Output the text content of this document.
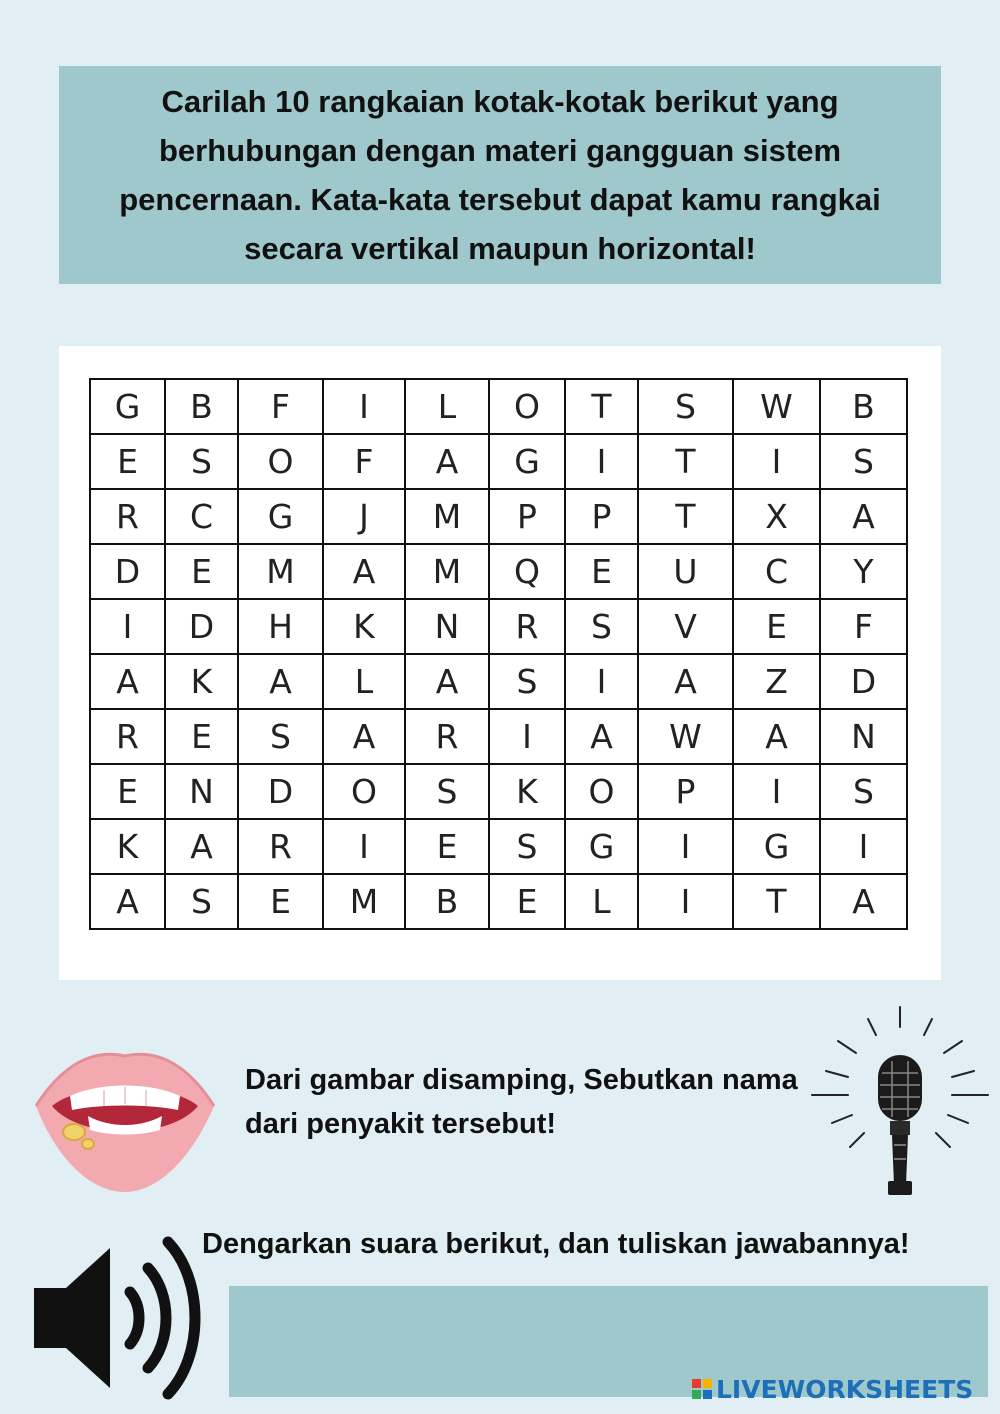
Carilah 10 rangkaian kotak-kotak berikut yang berhubungan dengan materi gangguan sistem pencernaan. Kata-kata tersebut dapat kamu rangkai secara vertikal maupun horizontal!

G	B	F	I	L	O	T	S	W	B
E	S	O	F	A	G	I	T	I	S
R	C	G	J	M	P	P	T	X	A
D	E	M	A	M	Q	E	U	C	Y
I	D	H	K	N	R	S	V	E	F
A	K	A	L	A	S	I	A	Z	D
R	E	S	A	R	I	A	W	A	N
E	N	D	O	S	K	O	P	I	S
K	A	R	I	E	S	G	I	G	I
A	S	E	M	B	E	L	I	T	A
Dari gambar disamping, Sebutkan nama dari penyakit tersebut!
Dengarkan suara berikut, dan tuliskan jawabannya!
LIVEWORKSHEETS
